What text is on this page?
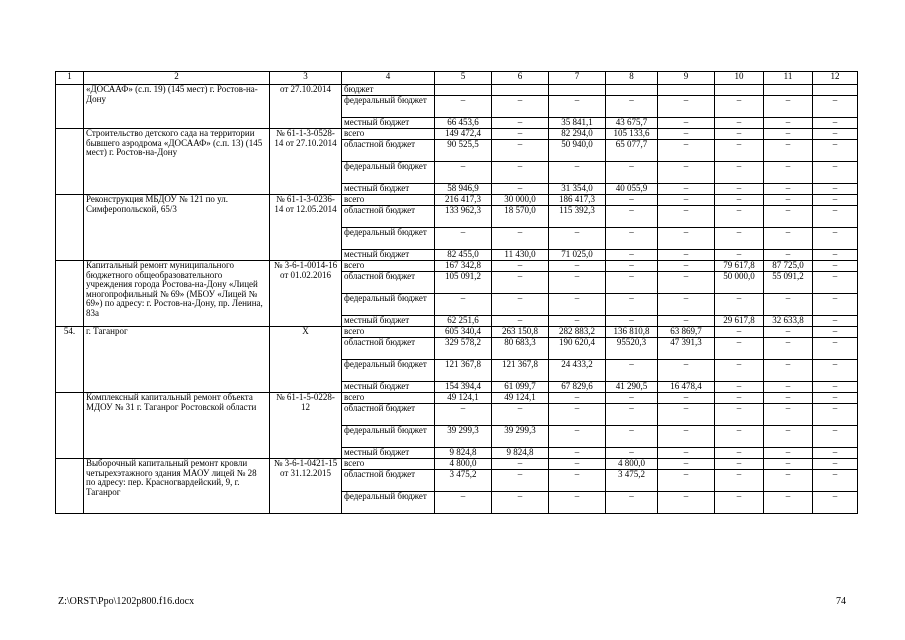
1	2	3	4	5	6	7	8	9	10	11	12
	«ДОСААФ» (с.п. 19) (145 мест) г. Ростов-на-Дону	от 27.10.2014	бюджет								
			федеральный бюджет	–	–	–	–	–	–	–	–
			местный бюджет	66 453,6	–	35 841,1	43 675,7	–	–	–	–
	Строительство детского сада на территории бывшего аэродрома «ДОСААФ» (с.п. 13) (145 мест) г. Ростов-на-Дону	№ 61-1-3-0528-14 от 27.10.2014	всего	149 472,4	–	82 294,0	105 133,6	–	–	–	–
			областной бюджет	90 525,5	–	50 940,0	65 077,7	–	–	–	–
			федеральный бюджет	–	–	–	–	–	–	–	–
			местный бюджет	58 946,9	–	31 354,0	40 055,9	–	–	–	–
	Реконструкция МБДОУ № 121 по ул. Симферопольской, 65/3	№ 61-1-3-0236-14 от 12.05.2014	всего	216 417,3	30 000,0	186 417,3	–	–	–	–	–
			областной бюджет	133 962,3	18 570,0	115 392,3	–	–	–	–	–
			федеральный бюджет	–	–	–	–	–	–	–	–
			местный бюджет	82 455,0	11 430,0	71 025,0	–	–	–	–	–
	Капитальный ремонт муниципального бюджетного общеобразовательного учреждения города Ростова-на-Дону «Лицей многопрофильный № 69» (МБОУ «Лицей № 69») по адресу: г. Ростов-на-Дону, пр. Ленина, 83а	№ 3-6-1-0014-16 от 01.02.2016	всего	167 342,8	–	–	–	–	79 617,8	87 725,0	–
			областной бюджет	105 091,2	–	–	–	–	50 000,0	55 091,2	–
			федеральный бюджет	–	–	–	–	–	–	–	–
			местный бюджет	62 251,6	–	–	–	–	29 617,8	32 633,8	–
54.	г. Таганрог	Х	всего	605 340,4	263 150,8	282 883,2	136 810,8	63 869,7	–	–	–
			областной бюджет	329 578,2	80 683,3	190 620,4	95520,3	47 391,3	–	–	–
			федеральный бюджет	121 367,8	121 367,8	24 433,2	–	–	–	–	–
			местный бюджет	154 394,4	61 099,7	67 829,6	41 290,5	16 478,4	–	–	–
	Комплексный капитальный ремонт объекта МДОУ № 31 г. Таганрог Ростовской области	№ 61-1-5-0228-12	всего	49 124,1	49 124,1	–	–	–	–	–	–
			областной бюджет	–	–	–	–	–	–	–	–
			федеральный бюджет	39 299,3	39 299,3	–	–	–	–	–	–
			местный бюджет	9 824,8	9 824,8	–	–	–	–	–	–
	Выборочный капитальный ремонт кровли четырехэтажного здания МАОУ лицей № 28 по адресу: пер. Красногвардейский, 9, г. Таганрог	№ 3-6-1-0421-15 от 31.12.2015	всего	4 800,0	–	–	4 800,0	–	–	–	–
			областной бюджет	3 475,2	–	–	3 475,2	–	–	–	–
			федеральный бюджет	–	–	–	–	–	–	–	–
Z:\ORST\Ppo\1202p800.f16.docx	74
